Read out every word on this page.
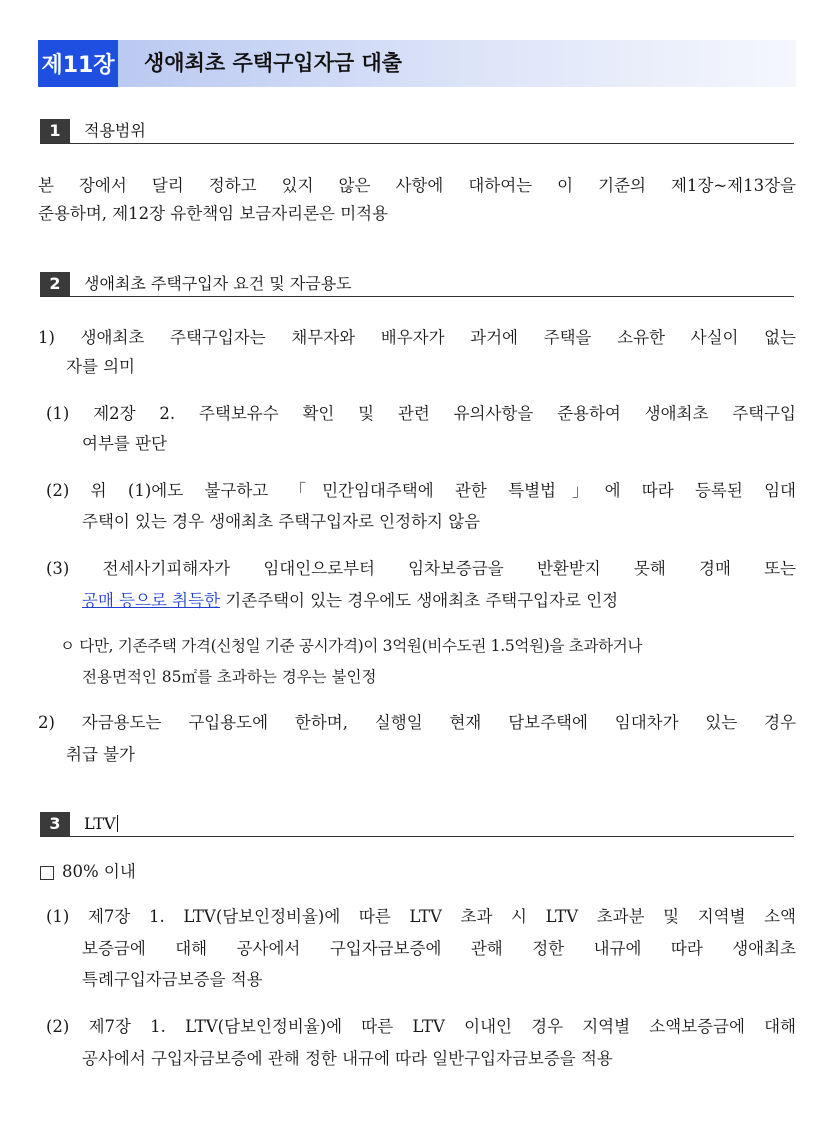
제11장 생애최초 주택구입자금 대출
1	적용범위
본 장에서 달리 정하고 있지 않은 사항에 대하여는 이 기준의 제1장~제13장을
준용하며, 제12장 유한책임 보금자리론은 미적용
2	생애최초 주택구입자 요건 및 자금용도
1) 생애최초 주택구입자는 채무자와 배우자가 과거에 주택을 소유한 사실이 없는
자를 의미
(1) 제2장 2. 주택보유수 확인 및 관련 유의사항을 준용하여 생애최초 주택구입
여부를 판단
(2) 위 (1)에도 불구하고 「민간임대주택에 관한 특별법」에 따라 등록된 임대
주택이 있는 경우 생애최초 주택구입자로 인정하지 않음
(3) 전세사기피해자가 임대인으로부터 임차보증금을 반환받지 못해 경매 또는
공매 등으로 취득한 기존주택이 있는 경우에도 생애최초 주택구입자로 인정
ㅇ 다만, 기존주택 가격(신청일 기준 공시가격)이 3억원(비수도권 1.5억원)을 초과하거나
전용면적인 85㎡를 초과하는 경우는 불인정
2) 자금용도는 구입용도에 한하며, 실행일 현재 담보주택에 임대차가 있는 경우
취급 불가
3	LTV
80% 이내
(1) 제7장 1. LTV(담보인정비율)에 따른 LTV 초과 시 LTV 초과분 및 지역별 소액
보증금에 대해 공사에서 구입자금보증에 관해 정한 내규에 따라 생애최초
특례구입자금보증을 적용
(2) 제7장 1. LTV(담보인정비율)에 따른 LTV 이내인 경우 지역별 소액보증금에 대해
공사에서 구입자금보증에 관해 정한 내규에 따라 일반구입자금보증을 적용
